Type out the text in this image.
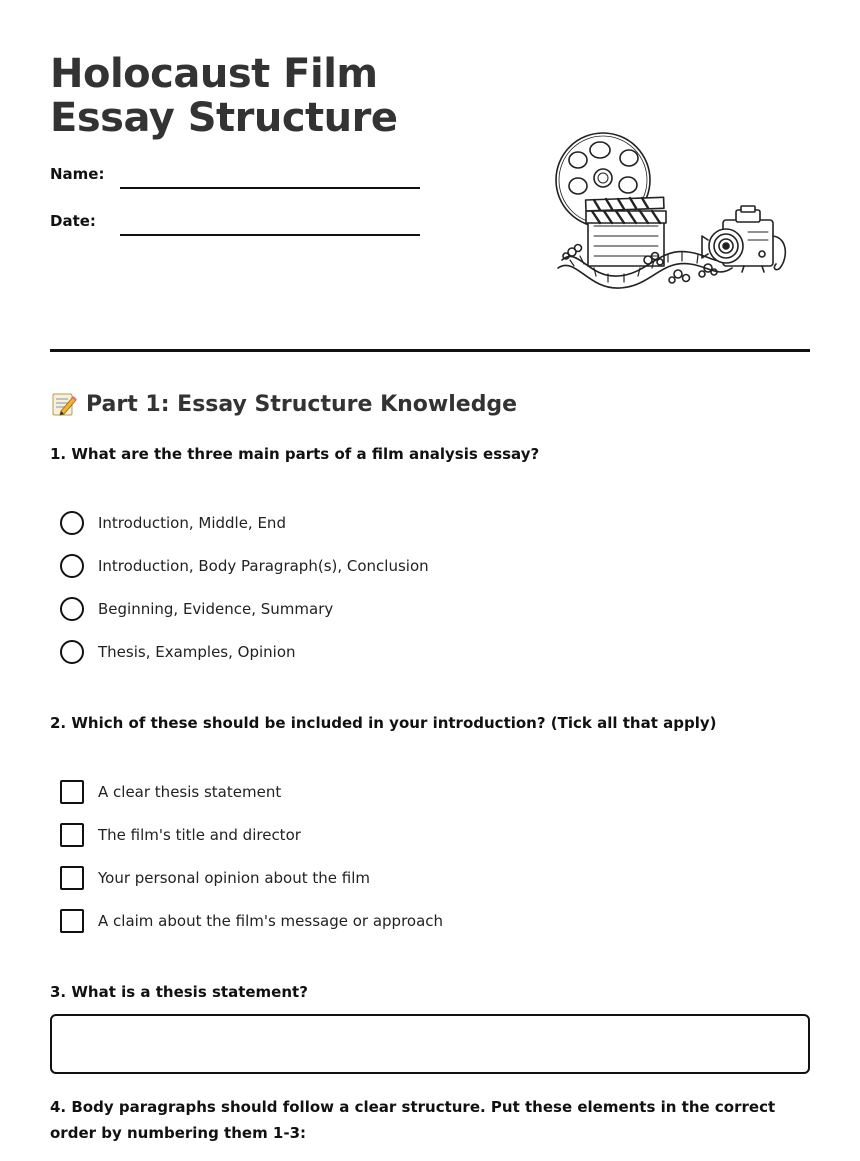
Holocaust Film Essay Structure
Name:
Date:
Part 1: Essay Structure Knowledge
1. What are the three main parts of a film analysis essay?
Introduction, Middle, End
Introduction, Body Paragraph(s), Conclusion
Beginning, Evidence, Summary
Thesis, Examples, Opinion
2. Which of these should be included in your introduction? (Tick all that apply)
A clear thesis statement
The film's title and director
Your personal opinion about the film
A claim about the film's message or approach
3. What is a thesis statement?
4. Body paragraphs should follow a clear structure. Put these elements in the correct order by numbering them 1-3:
